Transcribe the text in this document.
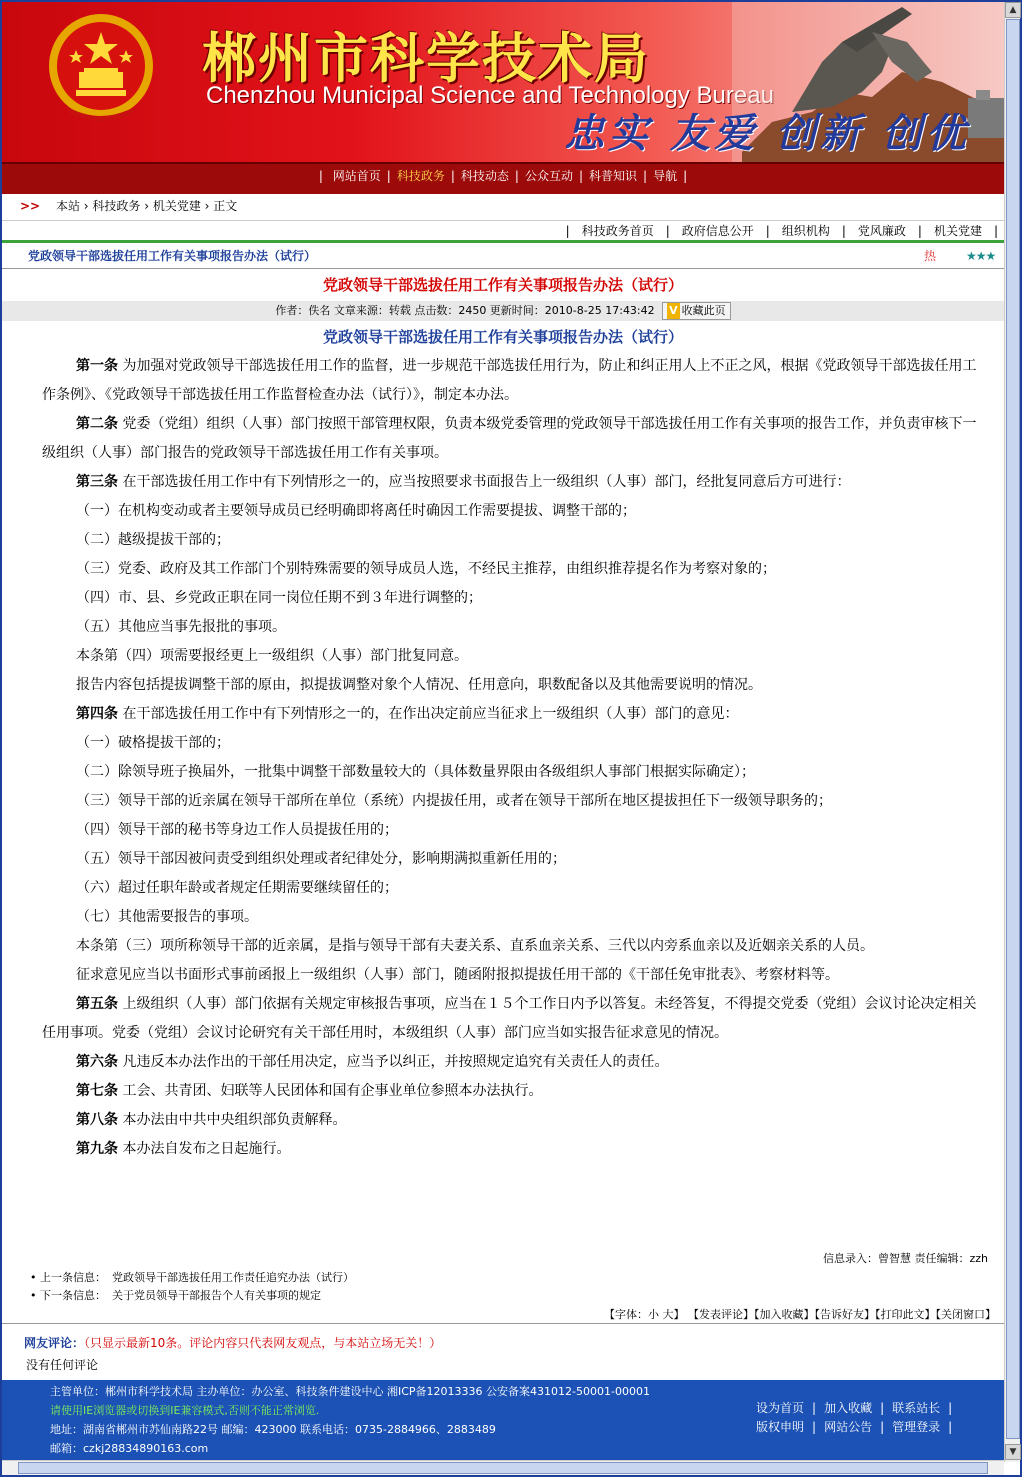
郴州市科学技术局
Chenzhou Municipal Science and Technology Bureau
忠实 友爱 创新 创优
| 网站首页 | 科技政务 | 科技动态 | 公众互动 | 科普知识 | 导航 |
>> 本站 › 科技政务 › 机关党建 › 正文
| 科技政务首页 | 政府信息公开 | 组织机构 | 党风廉政 | 机关党建 |
党政领导干部选拔任用工作有关事项报告办法（试行）	热 ★★★
党政领导干部选拔任用工作有关事项报告办法（试行）
作者：佚名 文章来源：转载 点击数：2450 更新时间：2010-8-25 17:43:42 V 收藏此页
党政领导干部选拔任用工作有关事项报告办法（试行）

第一条 为加强对党政领导干部选拔任用工作的监督，进一步规范干部选拔任用行为，防止和纠正用人上不正之风，根据《党政领导干部选拔任用工作条例》、《党政领导干部选拔任用工作监督检查办法（试行）》，制定本办法。

第二条 党委（党组）组织（人事）部门按照干部管理权限，负责本级党委管理的党政领导干部选拔任用工作有关事项的报告工作，并负责审核下一级组织（人事）部门报告的党政领导干部选拔任用工作有关事项。

第三条 在干部选拔任用工作中有下列情形之一的，应当按照要求书面报告上一级组织（人事）部门，经批复同意后方可进行：

（一）在机构变动或者主要领导成员已经明确即将离任时确因工作需要提拔、调整干部的；

（二）越级提拔干部的；

（三）党委、政府及其工作部门个别特殊需要的领导成员人选，不经民主推荐，由组织推荐提名作为考察对象的；

（四）市、县、乡党政正职在同一岗位任期不到３年进行调整的；

（五）其他应当事先报批的事项。

本条第（四）项需要报经更上一级组织（人事）部门批复同意。

报告内容包括提拔调整干部的原由，拟提拔调整对象个人情况、任用意向，职数配备以及其他需要说明的情况。

第四条 在干部选拔任用工作中有下列情形之一的，在作出决定前应当征求上一级组织（人事）部门的意见：

（一）破格提拔干部的；

（二）除领导班子换届外，一批集中调整干部数量较大的（具体数量界限由各级组织人事部门根据实际确定）；

（三）领导干部的近亲属在领导干部所在单位（系统）内提拔任用，或者在领导干部所在地区提拔担任下一级领导职务的；

（四）领导干部的秘书等身边工作人员提拔任用的；

（五）领导干部因被问责受到组织处理或者纪律处分，影响期满拟重新任用的；

（六）超过任职年龄或者规定任期需要继续留任的；

（七）其他需要报告的事项。

本条第（三）项所称领导干部的近亲属，是指与领导干部有夫妻关系、直系血亲关系、三代以内旁系血亲以及近姻亲关系的人员。

征求意见应当以书面形式事前函报上一级组织（人事）部门，随函附报拟提拔任用干部的《干部任免审批表》、考察材料等。

第五条 上级组织（人事）部门依据有关规定审核报告事项，应当在１５个工作日内予以答复。未经答复，不得提交党委（党组）会议讨论决定相关任用事项。党委（党组）会议讨论研究有关干部任用时，本级组织（人事）部门应当如实报告征求意见的情况。

第六条 凡违反本办法作出的干部任用决定，应当予以纠正，并按照规定追究有关责任人的责任。

第七条 工会、共青团、妇联等人民团体和国有企事业单位参照本办法执行。

第八条 本办法由中共中央组织部负责解释。

第九条 本办法自发布之日起施行。

信息录入：曾智慧 责任编辑：zzh
• 上一条信息： 党政领导干部选拔任用工作责任追究办法（试行）
• 下一条信息： 关于党员领导干部报告个人有关事项的规定
【字体：小 大】 【发表评论】【加入收藏】【告诉好友】【打印此文】【关闭窗口】
网友评论：（只显示最新10条。评论内容只代表网友观点，与本站立场无关！）
没有任何评论
主管单位：郴州市科学技术局 主办单位：办公室、科技条件建设中心 湘ICP备12013336 公安备案431012-50001-00001
请使用IE浏览器或切换到IE兼容模式,否则不能正常浏览.
地址：湖南省郴州市苏仙南路22号 邮编：423000 联系电话：0735-2884966、2883489
邮箱：czkj28834890163.com
设为首页 | 加入收藏 | 联系站长 |
版权申明 | 网站公告 | 管理登录 |
▲
▼
